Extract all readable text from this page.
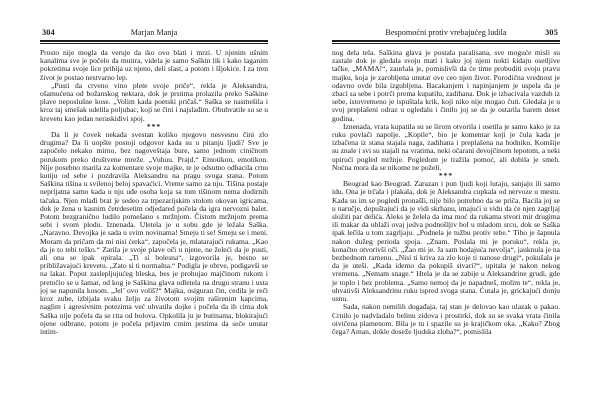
304	Marjan Manja

Prosto nije mogla da veruje da iko ovo blati i mrzi. U njenim ušnim kanalima sve je počelo da mutira, videla je samo Saškin lik i kako laganim pokretima svoje lice pribija uz njeno, deli slast, a potom i šljokice. I za tren život je postao nestvarno lep.

„Pusti da crveno vino plete svoje priče“, rekla je Aleksandra, ošamućena od božanskog nektara, dok je prstima prolazila preko Saškine plave neposlušne kose. „Volim kada poetski pričaš.“ Saška se nasmešila i kroz taj smešak udelila poljubac, koji se čini i najslađim. Obuhvatile su se u krevetu kao jedan neraskidivi spoj.

***

Da li je čovek nekada svestan koliko njegovo nesvesno čini zlo drugima? Da li uopšte postoji odgovor kada su u pitanju ljudi? Sve je započelo nekako mirno, bez nagoveštaja bure, samo jednom ciničnom porukom preko društvene mreže. „Vuhuu. Prajd.“ Emotikon, emotikon. Nije posebno marila za komentare svoje majke, te je odsutno odbacila crnu kutiju od sebe i pozdravila Aleksandru na pragu svoga stana. Potom Saškina tišina u svilenoj beloj spavaćici. Vreme samo za nju. Tišina postaje neprijatna samo kada u nju uđe osoba koja sa tom tišinom nema dodirnih tačaka. Njen mlađi brat je sedeo za trpezarijskim stolom okovan igricama, dok je žena u kasnim četrdesetim odjedared počela da igra nervozni balet. Potom bezgranično ludilo pomešano s mržnjom. Čistom mržnjom prema sebi i svom plodu. Iznenada. Uletela je u sobu gde je ležala Saška. „Naravno. Devojka je sada u svim novinama! Smeju ti se! Smeju se i meni. Moram da pričam da mi nisi ćerka“, započela je, mlatarajući rukama. „Kao da je to tebi teško.“ Zarila je svoje plave oči u njene, ne želeći da je pusti, ali ona se ipak opirala. „Ti si bolesna“, izgovorila je, besno se približavajući krevetu. „Zato si ti normalna.“ Podigla je obrve, podigavši se na lakat. Poput zaslepljujućeg bleska, bes je prohujao majčinom rukom i pretočio se u šamar, od kog je Saškina glava odletela na drugu stranu i usta joj se napunila kosom. „Jel’ ovo voliš?“ Majka, osiguran čin, cedila je reči kroz zube, izbijala svaku želju za životom svojim raširenim kapcima, naglim i agresivnim potezima već uhvatila dojke i počela da ih cima dok Saška nije počela da se rita od bolova. Opkolila ju je butinama, blokirajući njene odbrane, potom je počela prljavim crnim prstima da seče unutar intim-

Bespomoćni protiv vrebajućeg ludila	305

nog dela tela. Saškina glava je postala paralisana, sve moguće misli su zastale dok je gledala svoju mati i kako joj njeni nokti kidaju osetljive tačke. „MAMA!“, zaurlala je, pomislivši da će time probuditi svoju pravu majku, koja je zarobljena unutar ove ceo njen život. Porodična vrednost je odavno ovde bila izgubljena. Bacakanjem i napinjanjem je uspela da je zbaci sa sebe i potrči prema kupatilu, zadihana. Dok je izbacivala vazduh iz sebe, istovremeno je ispuštala krik, koji niko nije mogao čuti. Gledala je u svoj preplašeni odraz u ogledalu i činilo joj se da je ostarila barem deset godina.

Iznenada, vrata kupatila su se širom otvorila i osetila je samo kako je za ruku povlači napolje. „Kopile“, bio je komentar koji je čula kada je izbačena iz stana stajala naga, zadihana i preplašena na hodniku. Komšije su znale i svi su stajali na vratima, neki očarani devojčinom lepotom, a neki upirući pogled mržnje. Pogledom je tražila pomoć, ali dobila je smeh. Noćna mora da se nikome ne poželi.

***

Beograd kao Beograd. Zarazan i pun ljudi koji lutaju, sanjaju ili samo idu. Ona je trčala i plakala, dok je Aleksandra cupkala od nervoze u mestu. Kada su im se pogledi pronašli, nije bilo potrebno da se priča. Bacila joj se u naručje, dopuštajući da je vidi skrhanu, imajući u vidu da će njen zagrljaj složiti par delića. Aleks je želela da ima moć da rukama stvori mir drugima ili makar da ublaži ovaj jedva podnošljiv bol u mladom srcu, dok se Saška ipak lečila u tom zagrljaju. „Podnela je tužbu protiv tebe.“ Tiho je šapnula nakon dužeg perioda spoja. „Znam. Poslala mi je poruku“, rekla je, konačno otvorivši oči. „Žao mi je. Ja sam hodajuća nevolja“, jauknula je na bezbednom ramenu. „Nisi ti kriva za zlo koje ti nanose drugi“, pokušala je da je uteši. „Kada idemo da pokupiš stvari?“, upitala je nakon nekog vremena. „Nemam snage.“ Htela je da se zabije u Aleksandrine grudi, gde je toplo i bez problema. „Samo nemoj da je napadneš, molim te“, rekla je, uhvativši Aleksandrinu ruku ispred svoga stana. Ćutala je, grickajući donju usnu.

Sada, nakon nemilih događaja, taj stan je delovao kao ulazak u pakao. Crnilo je nadvladalo belinu zidova i prostirki, dok su se svaka vrata činila oivičena plamenom. Bila je tu i spazile su je krajičkom oka. „Kako? Zbog čega? Aman, dokle doseže ljudska zloba?“, pomislila
